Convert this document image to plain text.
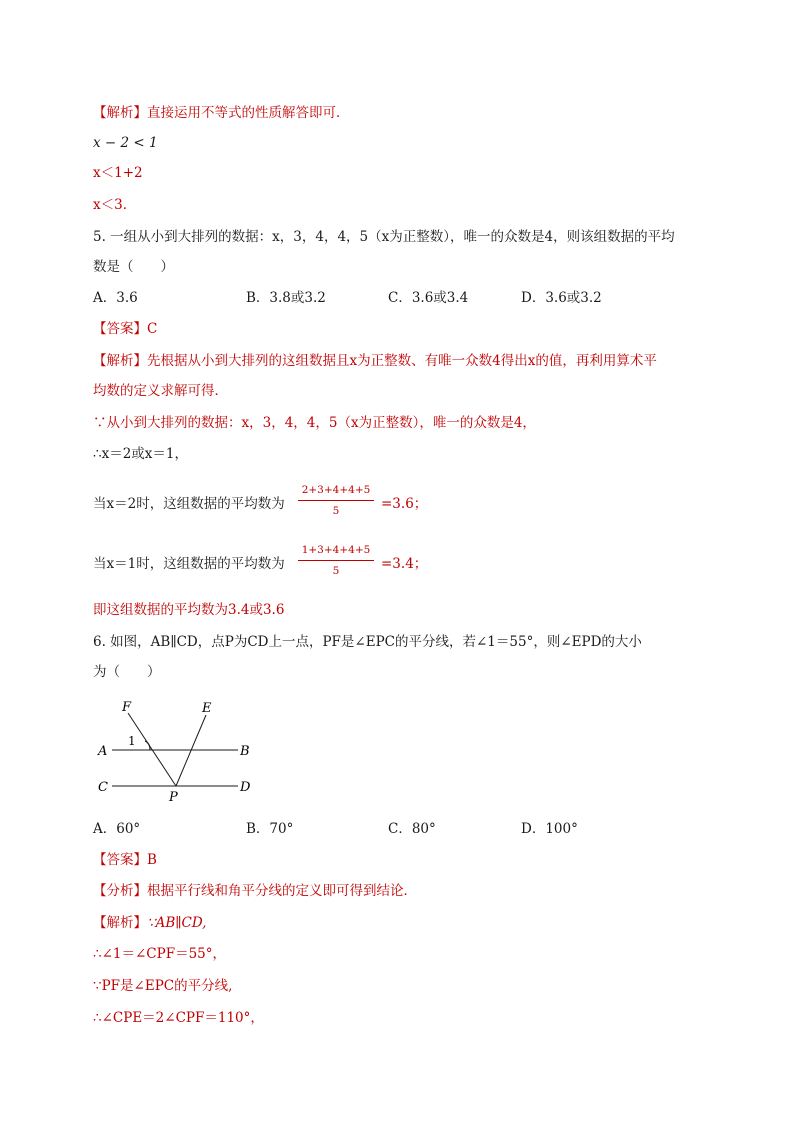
【解析】直接运用不等式的性质解答即可．
x − 2 < 1
x＜1+2
x＜3．
5. 一组从小到大排列的数据：x，3，4，4，5（x为正整数），唯一的众数是4，则该组数据的平均
数是（　　）
A．3.6	B．3.8或3.2	C．3.6或3.4	D．3.6或3.2
【答案】C
【解析】先根据从小到大排列的这组数据且x为正整数、有唯一众数4得出x的值，再利用算术平
均数的定义求解可得．
∵从小到大排列的数据：x，3，4，4，5（x为正整数），唯一的众数是4，
∴x＝2或x＝1，
当x＝2时，这组数据的平均数为
2+3+4+4+5
5	=3.6；
当x＝1时，这组数据的平均数为
1+3+4+4+5
5	=3.4；
即这组数据的平均数为3.4或3.6
6. 如图，AB∥CD，点P为CD上一点，PF是∠EPC的平分线，若∠1＝55°，则∠EPD的大小
为（　　）
F	E
A	B
C	D
P
1
A．60°	B．70°	C．80°	D．100°
【答案】B
【分析】根据平行线和角平分线的定义即可得到结论．
【解析】∵AB∥CD,
∴∠1＝∠CPF＝55°，
∵PF是∠EPC的平分线,
∴∠CPE＝2∠CPF＝110°，
